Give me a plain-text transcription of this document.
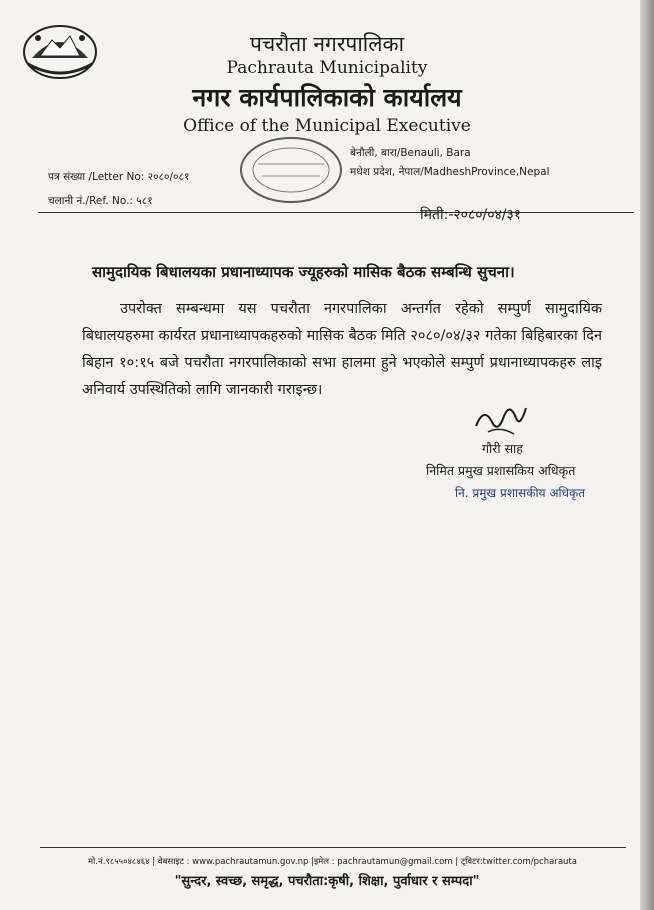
पचरौता नगरपालिका

Pachrauta Municipality

नगर कार्यपालिकाको कार्यालय

Office of the Municipal Executive

बेनौली, बारा/Benauli, Bara
मधेश प्रदेश, नेपाल/MadheshProvince,Nepal
पत्र संख्या /Letter No: २०८०/०८१
चलानी नं./Ref. No.: ५८१
मिती:-२०८०/०४/३१
सामुदायिक बिधालयका प्रधानाध्यापक ज्यूहरुको मासिक बैठक सम्बन्धि सुचना।

उपरोक्त सम्बन्धमा यस पचरौता नगरपालिका अन्तर्गत रहेको सम्पुर्ण सामुदायिक बिधालयहरुमा कार्यरत प्रधानाध्यापकहरुको मासिक बैठक मिति २०८०/०४/३२ गतेका बिहिबारका दिन बिहान १०:१५ बजे पचरौता नगरपालिकाको सभा हालमा हुने भएकोले सम्पुर्ण प्रधानाध्यापकहरु लाइ अनिवार्य उपस्थितिको लागि जानकारी गराइन्छ।

गौरी साह
निमित प्रमुख प्रशासकिय अधिकृत
नि. प्रमुख प्रशासकीय अधिकृत
मो.नं.९८५५०४८४६४ | वेबसाइट : www.pachrautamun.gov.np |इमेल : pachrautamun@gmail.com | ट्विटर:twitter.com/pcharauta
"सुन्दर, स्वच्छ, समृद्ध, पचरौता:कृषी, शिक्षा, पुर्वाधार र सम्पदा"
